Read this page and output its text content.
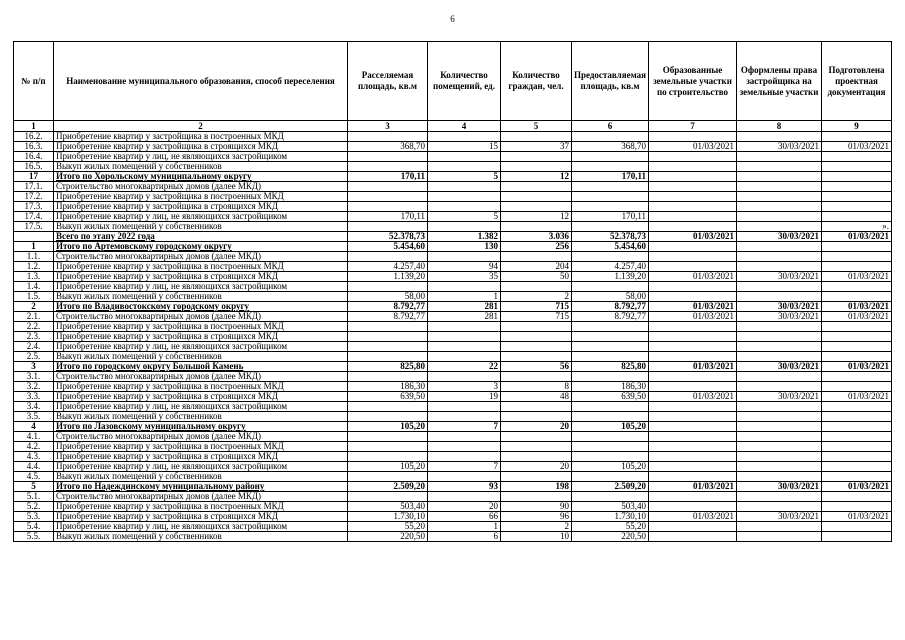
6
№ п/п	Наименование муниципального образования, способ переселения	Расселяемая площадь, кв.м	Количество помещений, ед.	Количество граждан, чел.	Предоставляемая площадь, кв.м	Образованные земельные участки по строительство	Оформлены права застройщика на земельные участки	Подготовлена проектная документация
1	2	3	4	5	6	7	8	9
16.2.	Приобретение квартир у застройщика в построенных МКД							
16.3.	Приобретение квартир у застройщика в строящихся МКД	368,70	15	37	368,70	01/03/2021	30/03/2021	01/03/2021
16.4.	Приобретение квартир у лиц, не являющихся застройщиком							
16.5.	Выкуп жилых помещений у собственников							
17	Итого по Хорольскому муниципальному округу	170,11	5	12	170,11			
17.1.	Строительство многоквартирных домов (далее МКД)							
17.2.	Приобретение квартир у застройщика в построенных МКД							
17.3.	Приобретение квартир у застройщика в строящихся МКД							
17.4.	Приобретение квартир у лиц, не являющихся застройщиком	170,11	5	12	170,11			
17.5.	Выкуп жилых помещений у собственников							».
	Всего по этапу 2022 года	52.378,73	1.382	3.036	52.378,73	01/03/2021	30/03/2021	01/03/2021
1	Итого по Артемовскому городскому округу	5.454,60	130	256	5.454,60			
1.1.	Строительство многоквартирных домов (далее МКД)							
1.2.	Приобретение квартир у застройщика в построенных МКД	4.257,40	94	204	4.257,40			
1.3.	Приобретение квартир у застройщика в строящихся МКД	1.139,20	35	50	1.139,20	01/03/2021	30/03/2021	01/03/2021
1.4.	Приобретение квартир у лиц, не являющихся застройщиком							
1.5.	Выкуп жилых помещений у собственников	58,00	1	2	58,00			
2	Итого по Владивостокскому городскому округу	8.792,77	281	715	8.792,77	01/03/2021	30/03/2021	01/03/2021
2.1.	Строительство многоквартирных домов (далее МКД)	8.792,77	281	715	8.792,77	01/03/2021	30/03/2021	01/03/2021
2.2.	Приобретение квартир у застройщика в построенных МКД							
2.3.	Приобретение квартир у застройщика в строящихся МКД							
2.4.	Приобретение квартир у лиц, не являющихся застройщиком							
2.5.	Выкуп жилых помещений у собственников							
3	Итого по городскому округу Большой Камень	825,80	22	56	825,80	01/03/2021	30/03/2021	01/03/2021
3.1.	Строительство многоквартирных домов (далее МКД)							
3.2.	Приобретение квартир у застройщика в построенных МКД	186,30	3	8	186,30			
3.3.	Приобретение квартир у застройщика в строящихся МКД	639,50	19	48	639,50	01/03/2021	30/03/2021	01/03/2021
3.4.	Приобретение квартир у лиц, не являющихся застройщиком							
3.5.	Выкуп жилых помещений у собственников							
4	Итого по Лазовскому муниципальному округу	105,20	7	20	105,20			
4.1.	Строительство многоквартирных домов (далее МКД)							
4.2.	Приобретение квартир у застройщика в построенных МКД							
4.3.	Приобретение квартир у застройщика в строящихся МКД							
4.4.	Приобретение квартир у лиц, не являющихся застройщиком	105,20	7	20	105,20			
4.5.	Выкуп жилых помещений у собственников							
5	Итого по Надеждинскому муниципальному району	2.509,20	93	198	2.509,20	01/03/2021	30/03/2021	01/03/2021
5.1.	Строительство многоквартирных домов (далее МКД)							
5.2.	Приобретение квартир у застройщика в построенных МКД	503,40	20	90	503,40			
5.3.	Приобретение квартир у застройщика в строящихся МКД	1.730,10	66	96	1.730,10	01/03/2021	30/03/2021	01/03/2021
5.4.	Приобретение квартир у лиц, не являющихся застройщиком	55,20	1	2	55,20			
5.5.	Выкуп жилых помещений у собственников	220,50	6	10	220,50			
